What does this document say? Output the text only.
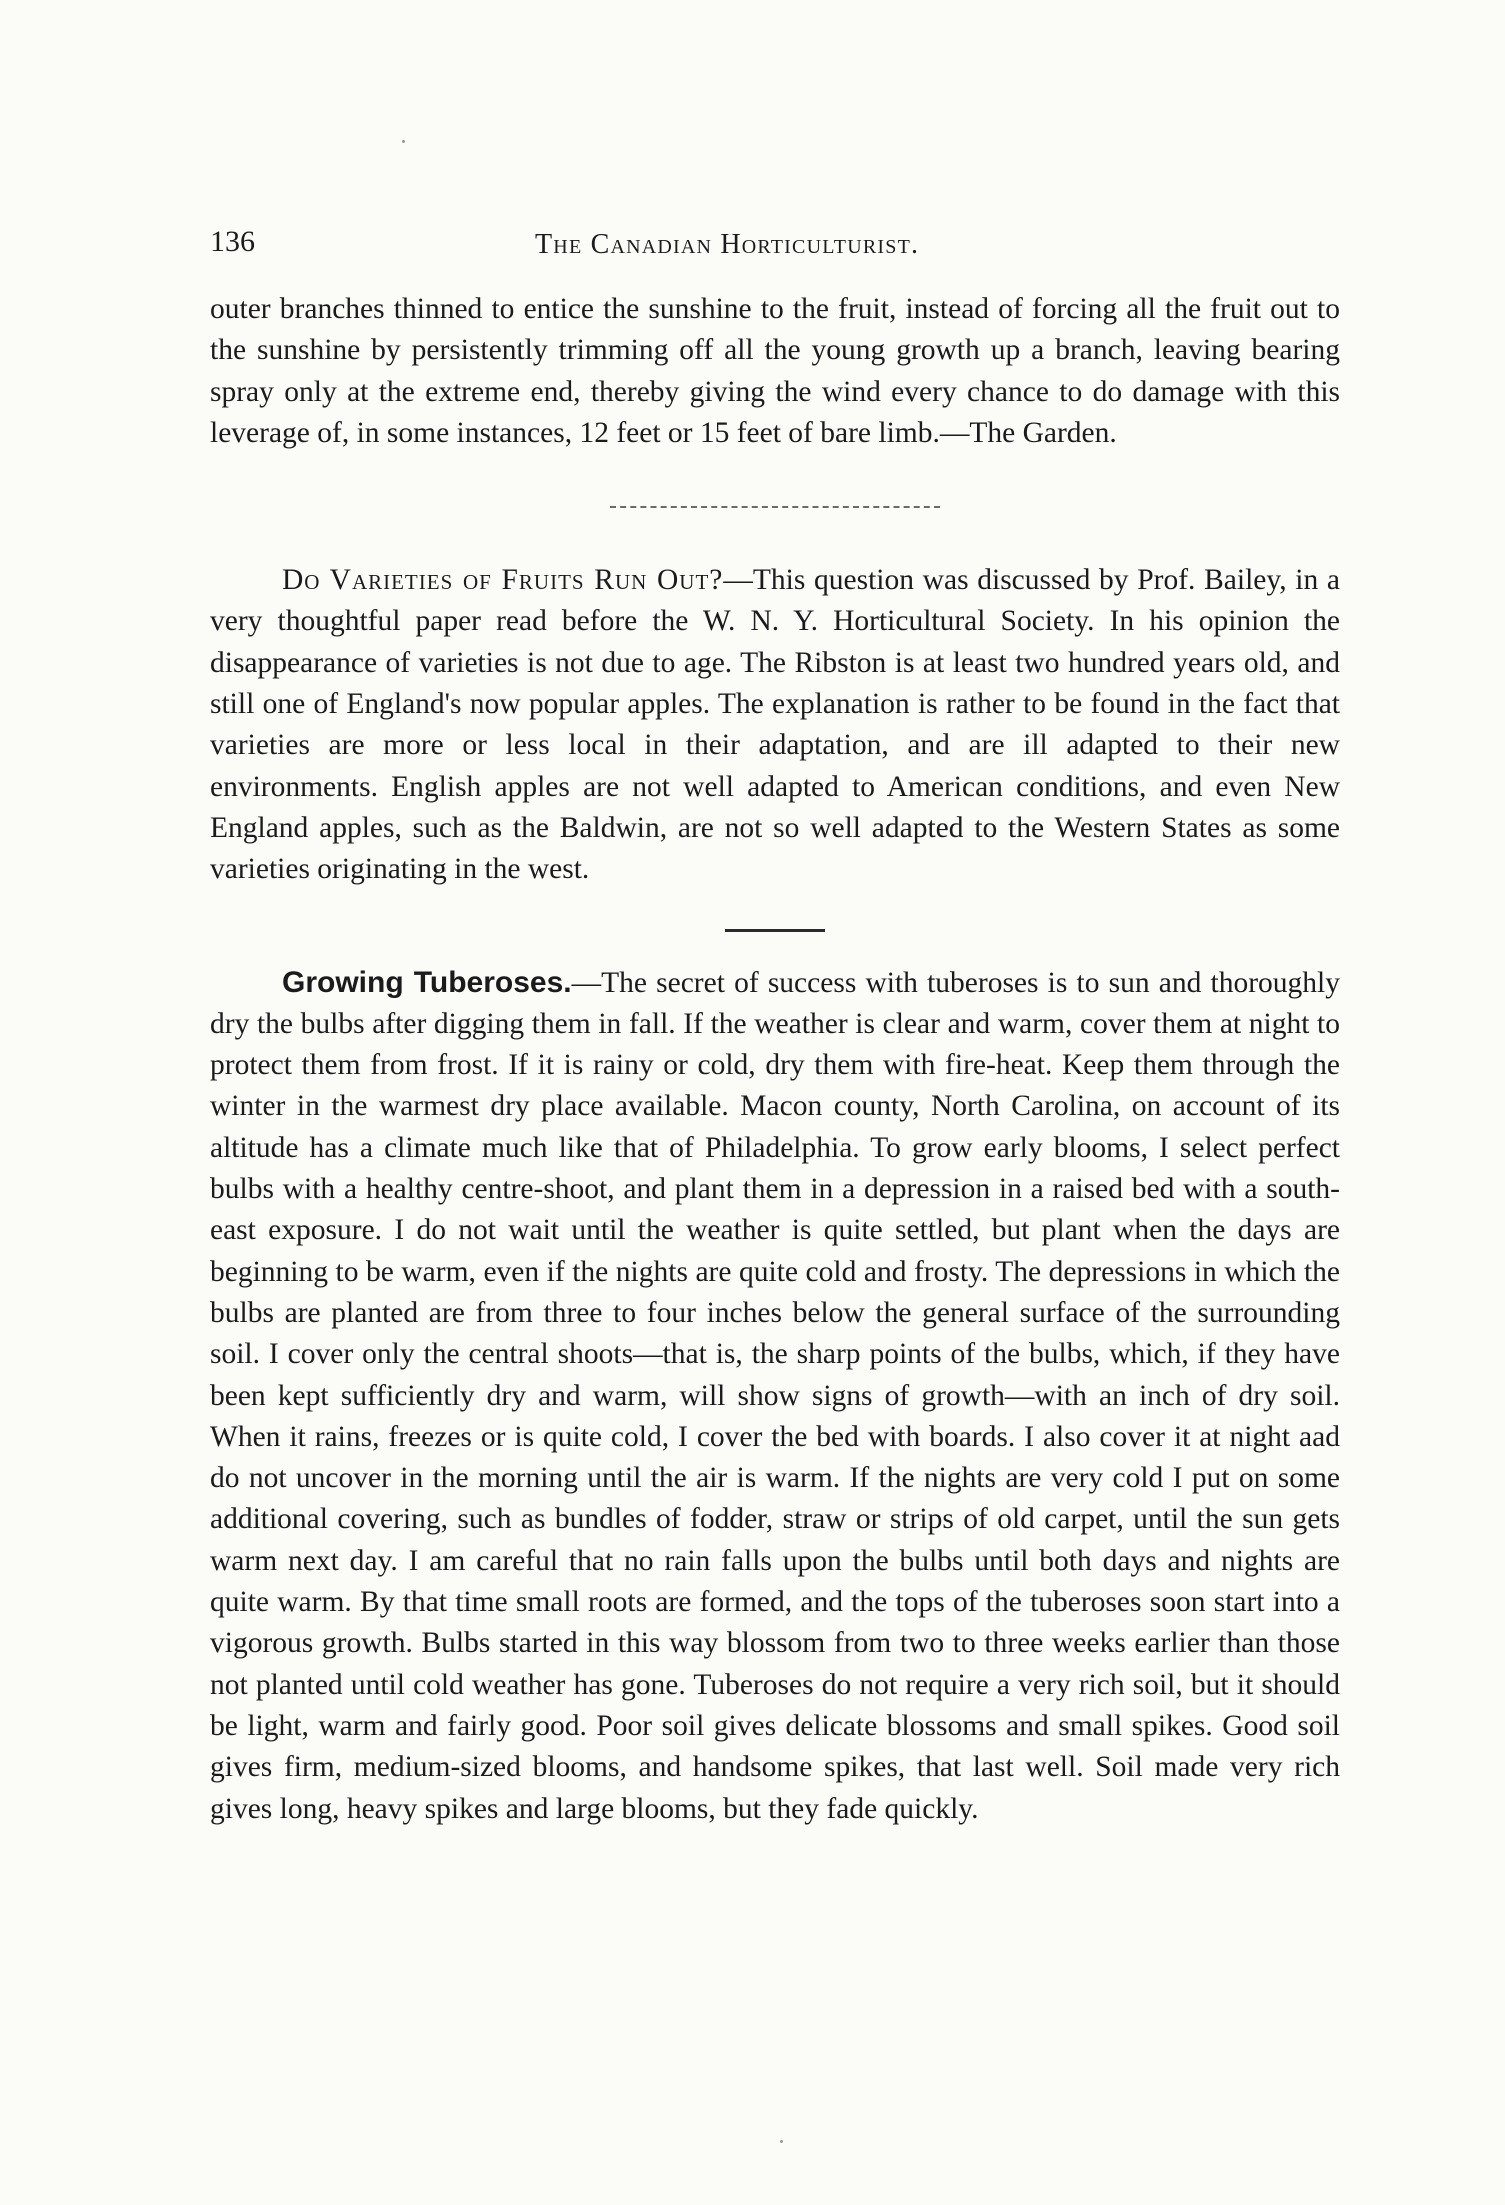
136	The Canadian Horticulturist.

outer branches thinned to entice the sunshine to the fruit, instead of forcing all the fruit out to the sunshine by persistently trimming off all the young growth up a branch, leaving bearing spray only at the extreme end, thereby giving the wind every chance to do damage with this leverage of, in some instances, 12 feet or 15 feet of bare limb.—The Garden.

Do Varieties of Fruits Run Out?—This question was discussed by Prof. Bailey, in a very thoughtful paper read before the W. N. Y. Horticultural Society. In his opinion the disappearance of varieties is not due to age. The Ribston is at least two hundred years old, and still one of England's now popular apples. The explanation is rather to be found in the fact that varieties are more or less local in their adaptation, and are ill adapted to their new environments. English apples are not well adapted to American conditions, and even New England apples, such as the Baldwin, are not so well adapted to the Western States as some varieties originating in the west.

Growing Tuberoses.—The secret of success with tuberoses is to sun and thoroughly dry the bulbs after digging them in fall. If the weather is clear and warm, cover them at night to protect them from frost. If it is rainy or cold, dry them with fire-heat. Keep them through the winter in the warmest dry place available. Macon county, North Carolina, on account of its altitude has a climate much like that of Philadelphia. To grow early blooms, I select perfect bulbs with a healthy centre-shoot, and plant them in a depression in a raised bed with a south-east exposure. I do not wait until the weather is quite settled, but plant when the days are beginning to be warm, even if the nights are quite cold and frosty. The depressions in which the bulbs are planted are from three to four inches below the general surface of the surrounding soil. I cover only the central shoots—that is, the sharp points of the bulbs, which, if they have been kept sufficiently dry and warm, will show signs of growth—with an inch of dry soil. When it rains, freezes or is quite cold, I cover the bed with boards. I also cover it at night aad do not uncover in the morning until the air is warm. If the nights are very cold I put on some additional covering, such as bundles of fodder, straw or strips of old carpet, until the sun gets warm next day. I am careful that no rain falls upon the bulbs until both days and nights are quite warm. By that time small roots are formed, and the tops of the tuberoses soon start into a vigorous growth. Bulbs started in this way blossom from two to three weeks earlier than those not planted until cold weather has gone. Tuberoses do not require a very rich soil, but it should be light, warm and fairly good. Poor soil gives delicate blossoms and small spikes. Good soil gives firm, medium-sized blooms, and handsome spikes, that last well. Soil made very rich gives long, heavy spikes and large blooms, but they fade quickly.
